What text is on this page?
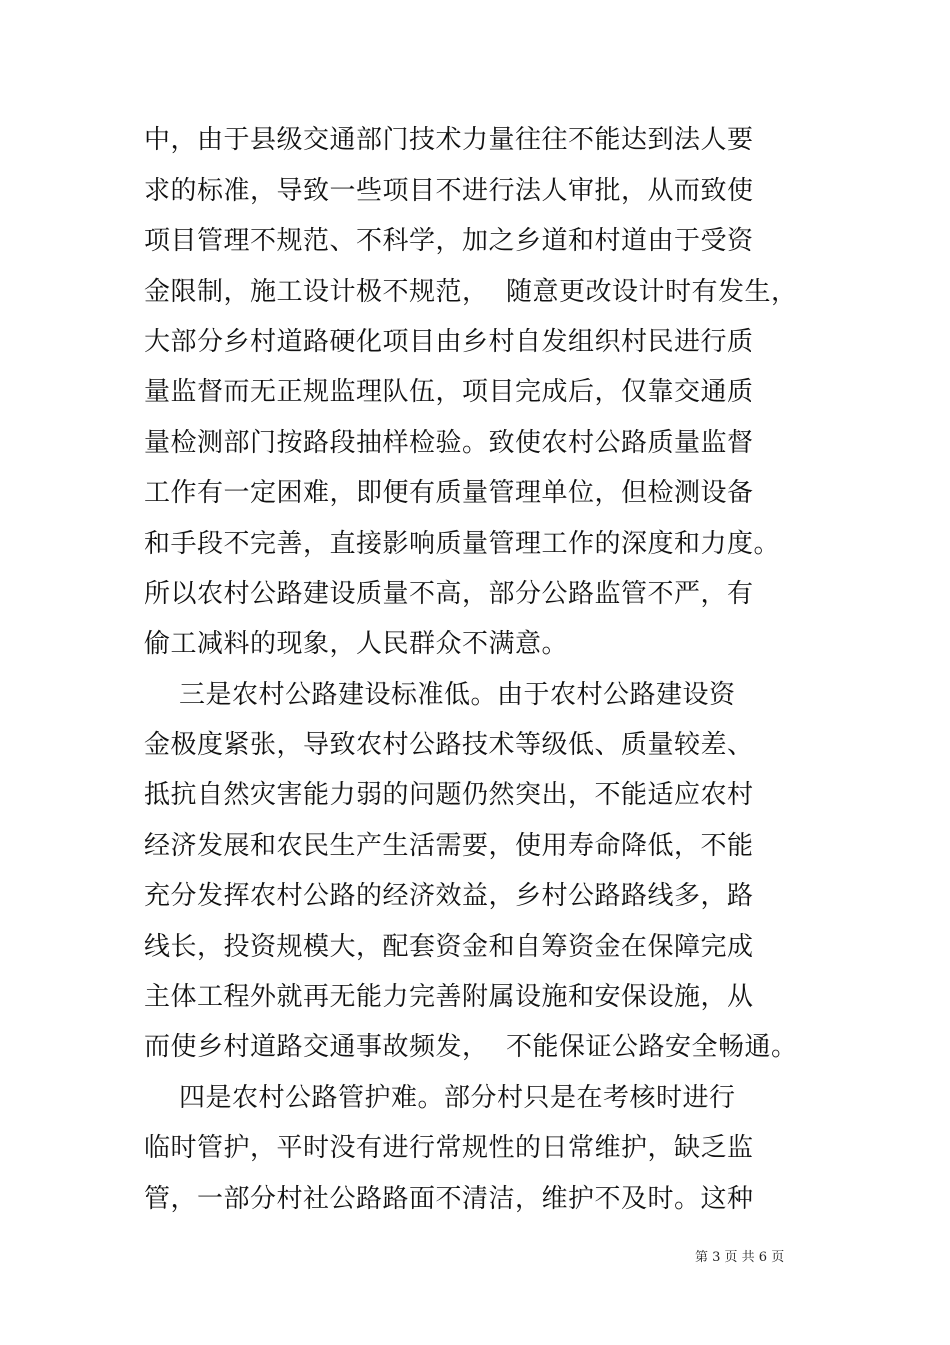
中，由于县级交通部门技术力量往往不能达到法人要
求的标准，导致一些项目不进行法人审批，从而致使
项目管理不规范、不科学，加之乡道和村道由于受资
金限制，施工设计极不规范，  随意更改设计时有发生，
大部分乡村道路硬化项目由乡村自发组织村民进行质
量监督而无正规监理队伍，项目完成后，仅靠交通质
量检测部门按路段抽样检验。致使农村公路质量监督
工作有一定困难，即便有质量管理单位，但检测设备
和手段不完善，直接影响质量管理工作的深度和力度。
所以农村公路建设质量不高，部分公路监管不严，有
偷工减料的现象，人民群众不满意。
三是农村公路建设标准低。由于农村公路建设资
金极度紧张，导致农村公路技术等级低、质量较差、
抵抗自然灾害能力弱的问题仍然突出，不能适应农村
经济发展和农民生产生活需要，使用寿命降低，不能
充分发挥农村公路的经济效益，乡村公路路线多，路
线长，投资规模大，配套资金和自筹资金在保障完成
主体工程外就再无能力完善附属设施和安保设施，从
而使乡村道路交通事故频发，  不能保证公路安全畅通。
四是农村公路管护难。部分村只是在考核时进行
临时管护，平时没有进行常规性的日常维护，缺乏监
管，一部分村社公路路面不清洁，维护不及时。这种
第 3 页 共 6 页
